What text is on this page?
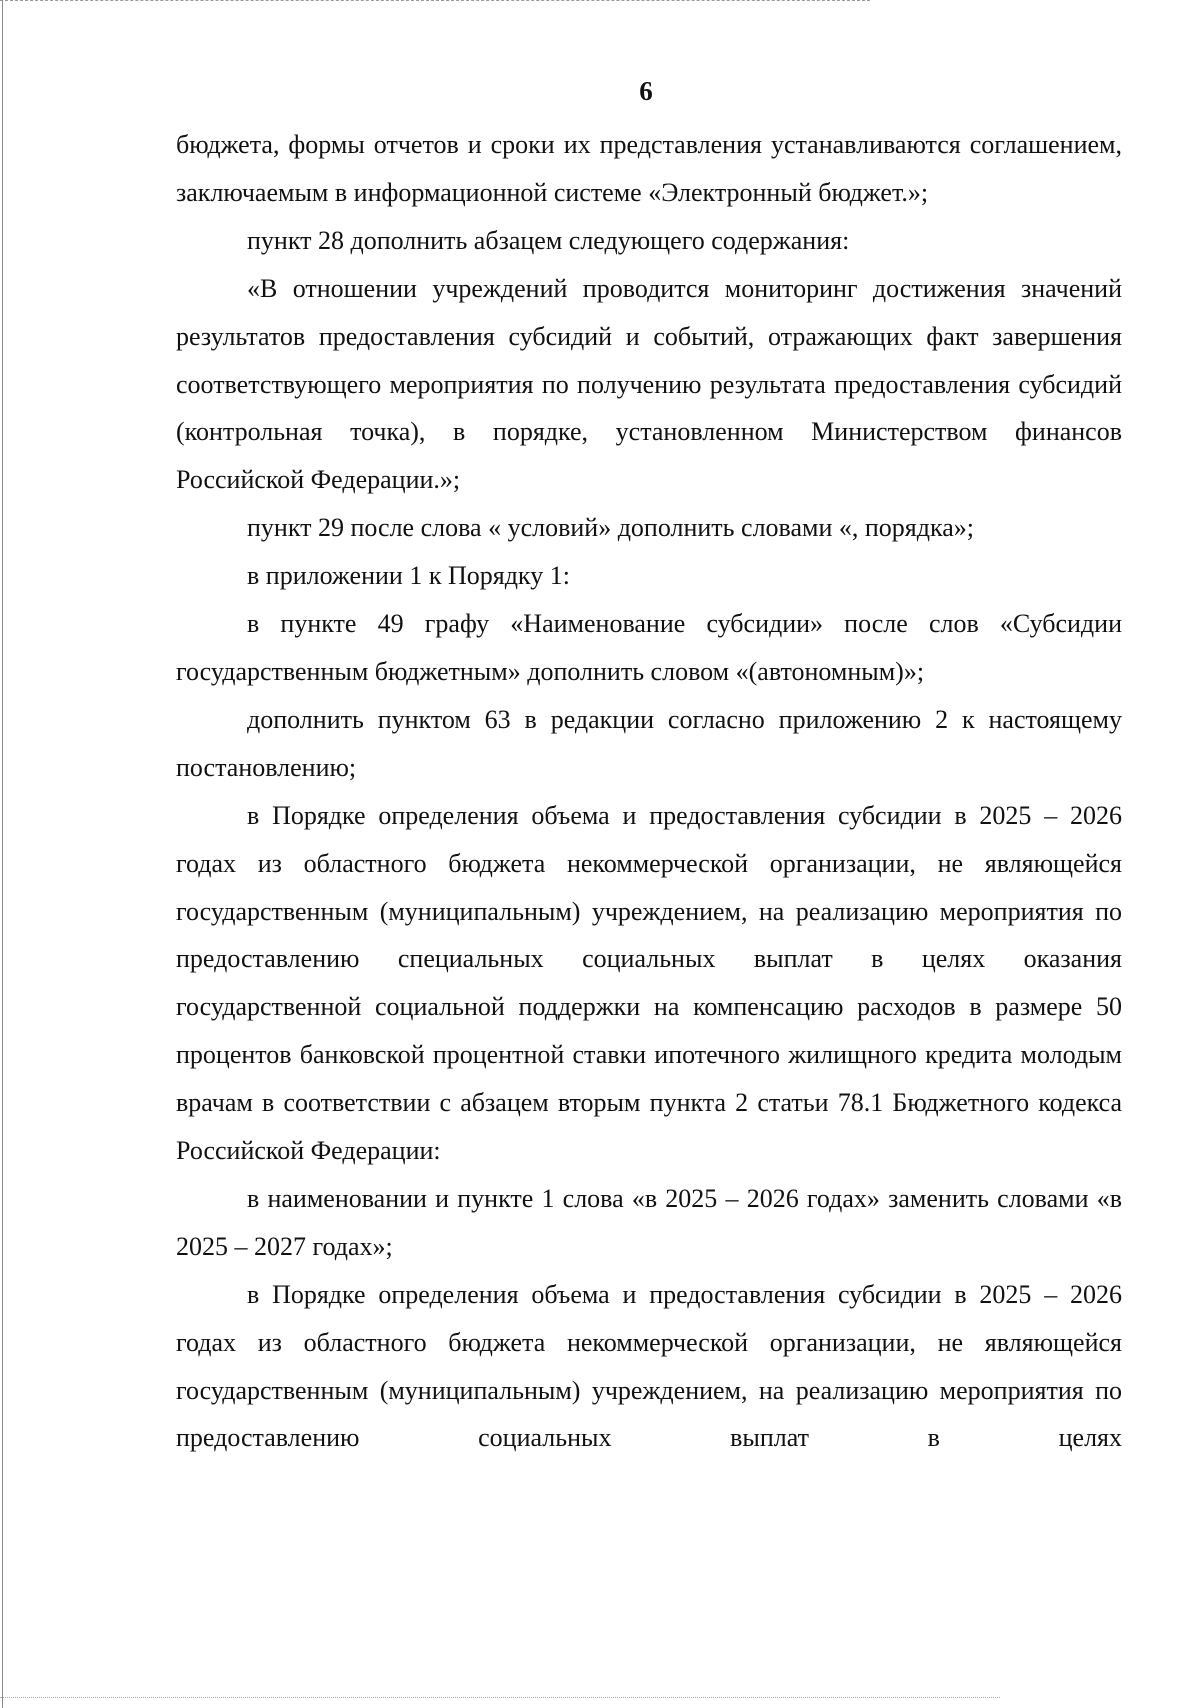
6

бюджета, формы отчетов и сроки их представления устанавливаются соглашением, заключаемым в информационной системе «Электронный бюджет.»;

пункт 28 дополнить абзацем следующего содержания:

«В отношении учреждений проводится мониторинг достижения значений результатов предоставления субсидий и событий, отражающих факт завершения соответствующего мероприятия по получению результата предоставления субсидий (контрольная точка), в порядке, установленном Министерством финансов Российской Федерации.»;

пункт 29 после слова « условий» дополнить словами «, порядка»;

в приложении 1 к Порядку 1:

в пункте 49 графу «Наименование субсидии» после слов «Субсидии государственным бюджетным» дополнить словом «(автономным)»;

дополнить пунктом 63 в редакции согласно приложению 2 к настоящему постановлению;

в Порядке определения объема и предоставления субсидии в 2025 – 2026 годах из областного бюджета некоммерческой организации, не являющейся государственным (муниципальным) учреждением, на реализацию мероприятия по предоставлению специальных социальных выплат в целях оказания государственной социальной поддержки на компенсацию расходов в размере 50 процентов банковской процентной ставки ипотечного жилищного кредита молодым врачам в соответствии с абзацем вторым пункта 2 статьи 78.1 Бюджетного кодекса Российской Федерации:

в наименовании и пункте 1 слова «в 2025 – 2026 годах» заменить словами «в 2025 – 2027 годах»;

в Порядке определения объема и предоставления субсидии в 2025 – 2026 годах из областного бюджета некоммерческой организации, не являющейся государственным (муниципальным) учреждением, на реализацию мероприятия по предоставлению социальных выплат в целях
